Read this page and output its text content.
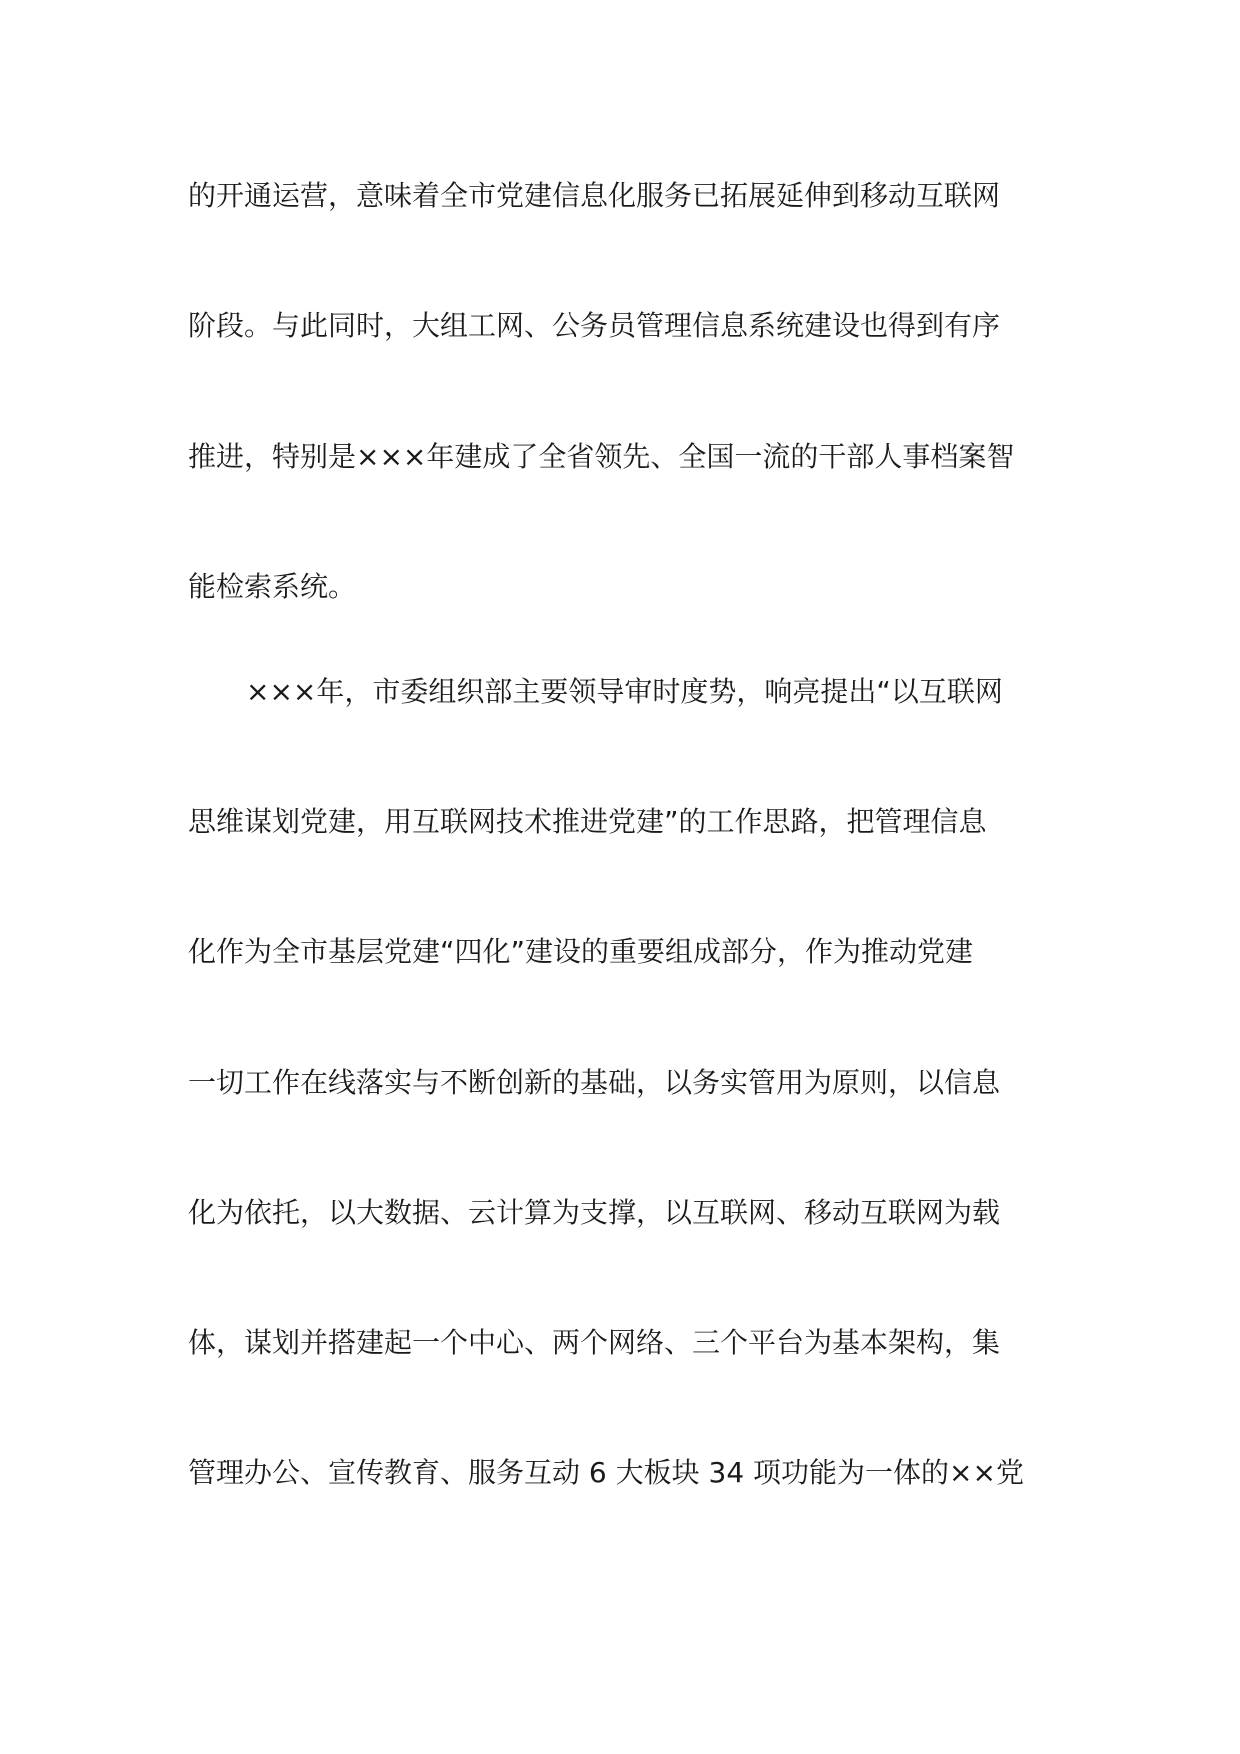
的开通运营，意味着全市党建信息化服务已拓展延伸到移动互联网
阶段。与此同时，大组工网、公务员管理信息系统建设也得到有序
推进，特别是×××年建成了全省领先、全国一流的干部人事档案智
能检索系统。
×××年，市委组织部主要领导审时度势，响亮提出“以互联网
思维谋划党建，用互联网技术推进党建”的工作思路，把管理信息
化作为全市基层党建“四化”建设的重要组成部分，作为推动党建
一切工作在线落实与不断创新的基础，以务实管用为原则，以信息
化为依托，以大数据、云计算为支撑，以互联网、移动互联网为载
体，谋划并搭建起一个中心、两个网络、三个平台为基本架构，集
管理办公、宣传教育、服务互动 6 大板块 34 项功能为一体的××党
